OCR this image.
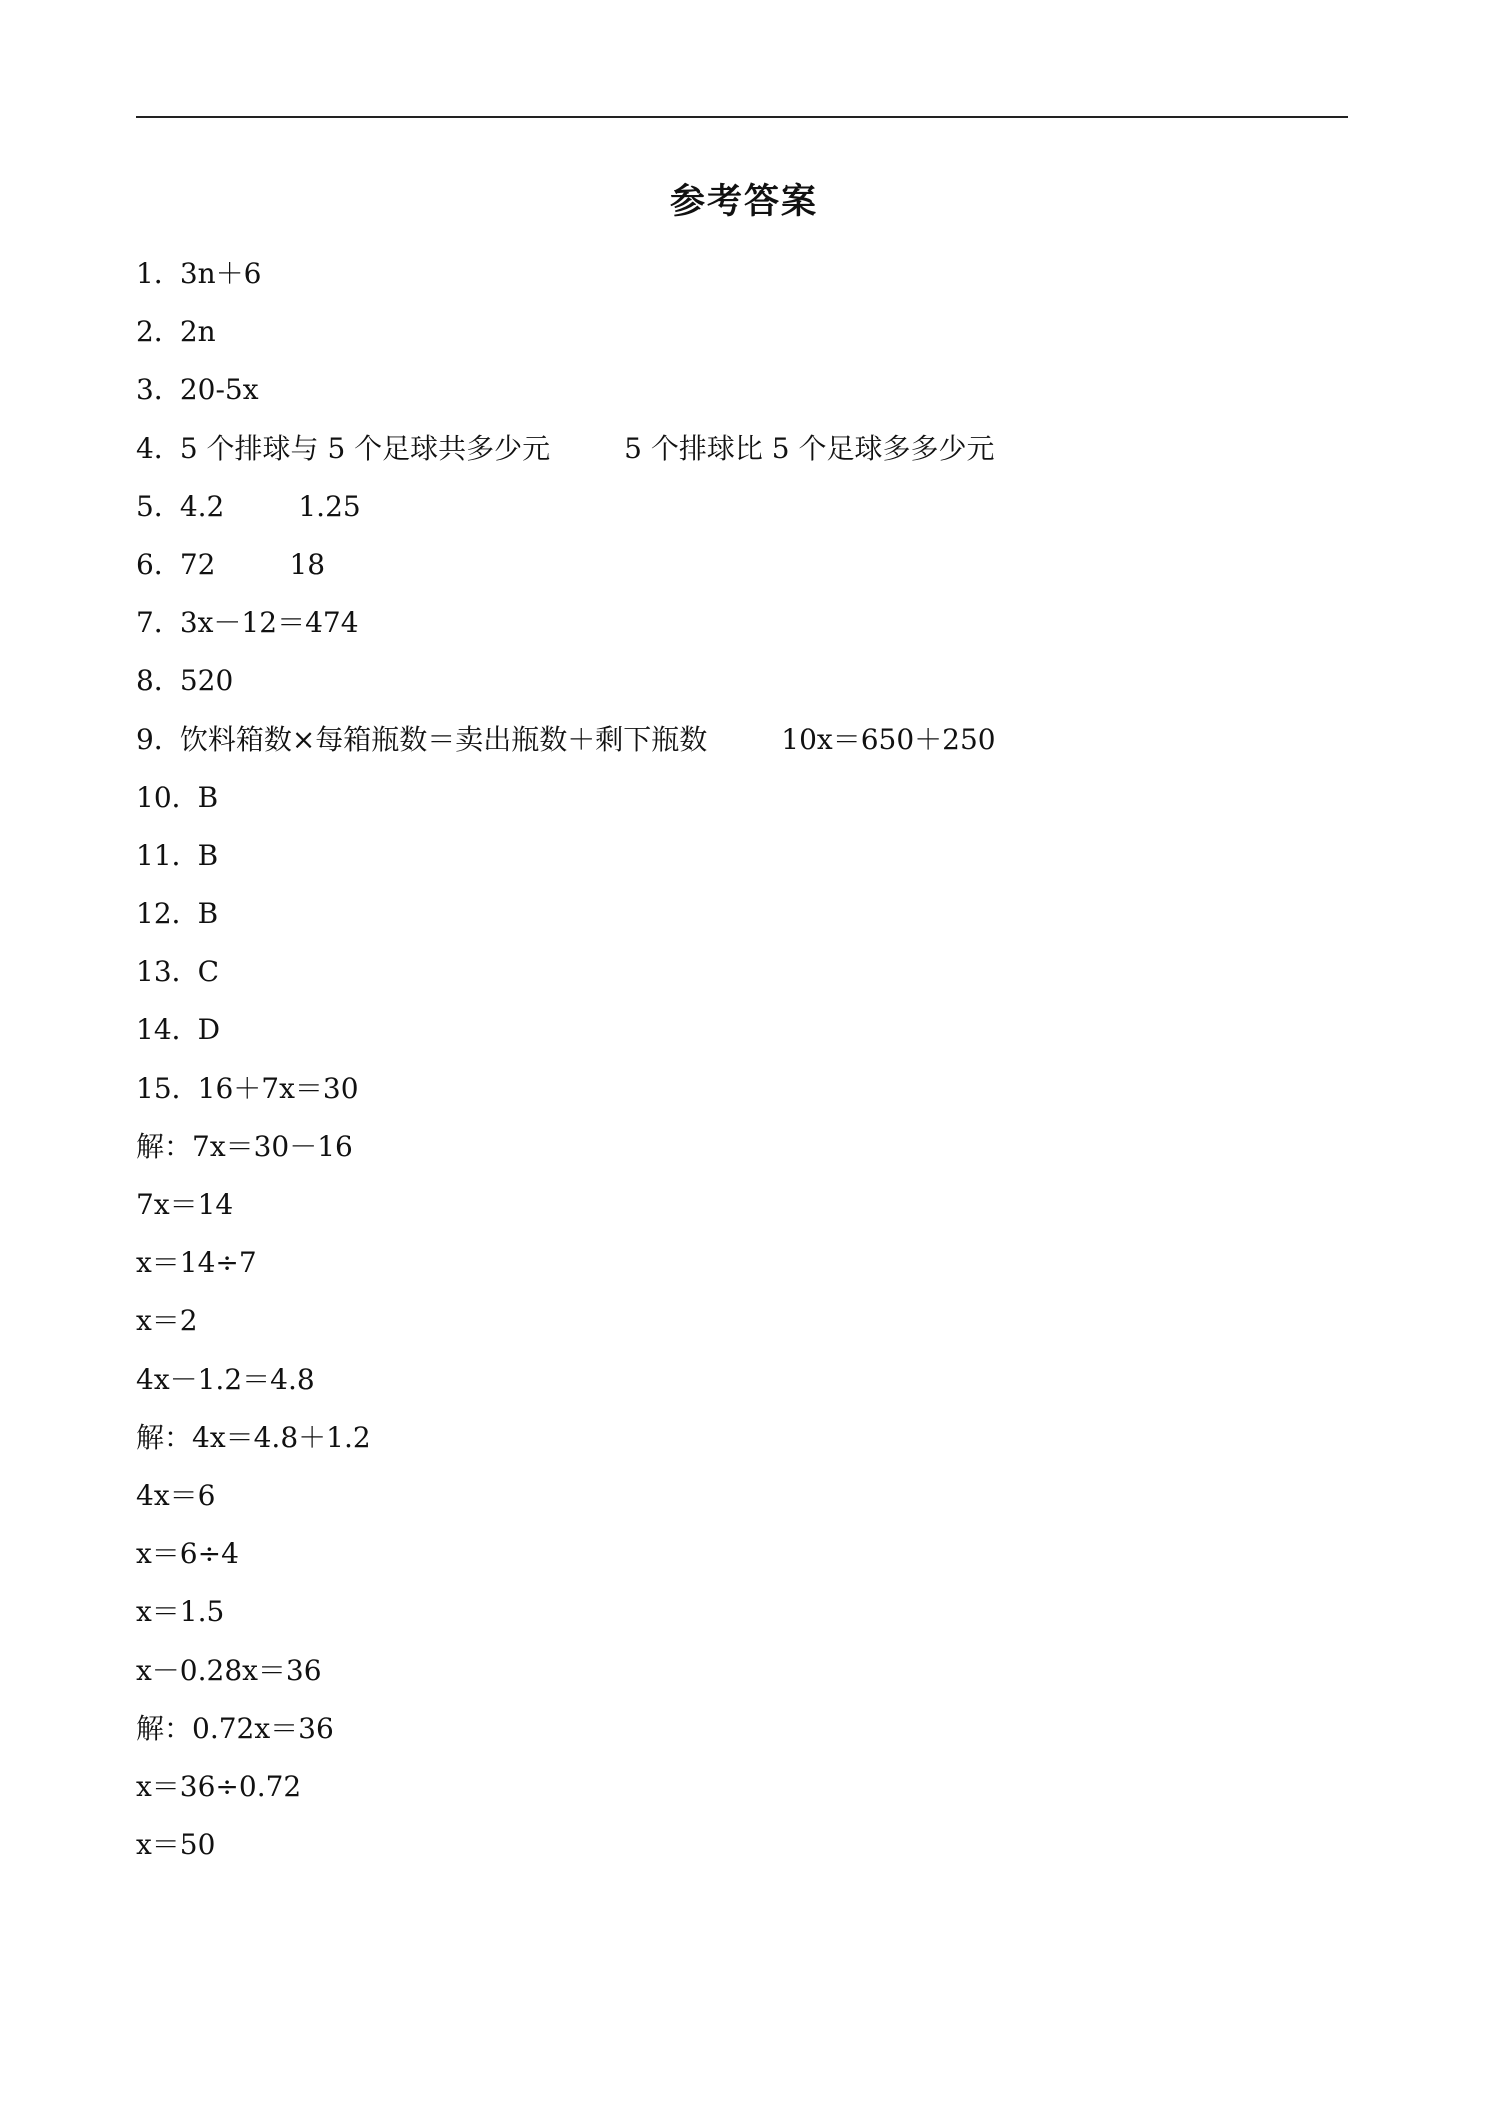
参考答案
1．3n＋6
2．2n
3．20-5x
4．5 个排球与 5 个足球共多少元	5 个排球比 5 个足球多多少元
5．4.2	1.25
6．72	18
7．3x－12＝474
8．520
9．饮料箱数×每箱瓶数＝卖出瓶数＋剩下瓶数	10x＝650＋250
10．B
11．B
12．B
13．C
14．D
15．16＋7x＝30
解：7x＝30－16
7x＝14
x＝14÷7
x＝2
4x－1.2＝4.8
解：4x＝4.8＋1.2
4x＝6
x＝6÷4
x＝1.5
x－0.28x＝36
解：0.72x＝36
x＝36÷0.72
x＝50
